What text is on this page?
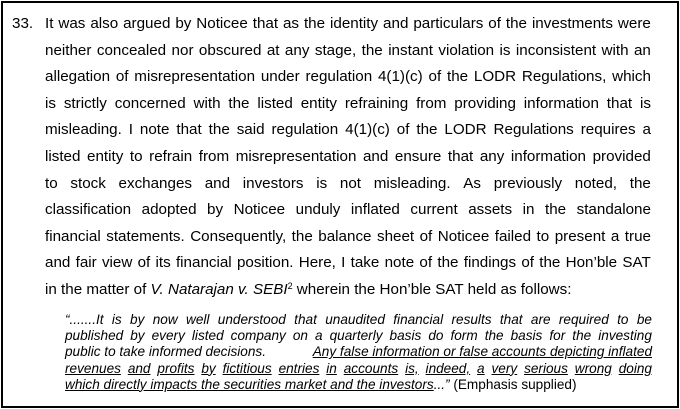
33. It was also argued by Noticee that as the identity and particulars of the investments were
neither concealed nor obscured at any stage, the instant violation is inconsistent with an
allegation of misrepresentation under regulation 4(1)(c) of the LODR Regulations, which
is strictly concerned with the listed entity refraining from providing information that is
misleading. I note that the said regulation 4(1)(c) of the LODR Regulations requires a
listed entity to refrain from misrepresentation and ensure that any information provided
to stock exchanges and investors is not misleading. As previously noted, the
classification adopted by Noticee unduly inflated current assets in the standalone
financial statements. Consequently, the balance sheet of Noticee failed to present a true
and fair view of its financial position. Here, I take note of the findings of the Hon’ble SAT
in the matter of V. Natarajan v. SEBI$^2$ wherein the Hon’ble SAT held as follows:
“.......It is by now well understood that unaudited financial results that are required to be
published by every listed company on a quarterly basis do form the basis for the investing
public to take informed decisions.	Any false information or false accounts depicting inflated
revenues and profits by fictitious entries in accounts is, indeed, a very serious wrong doing
which directly impacts the securities market and the investors ...” (Emphasis supplied)
